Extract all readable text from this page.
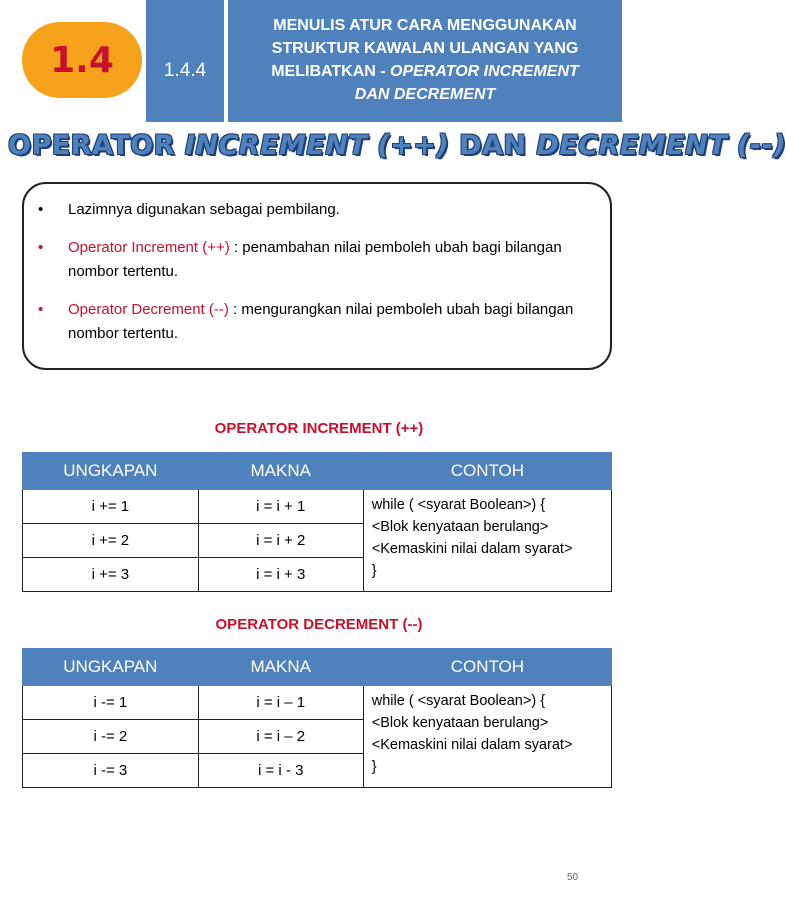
1.4	1.4.4
MENULIS ATUR CARA MENGGUNAKAN
STRUKTUR KAWALAN ULANGAN YANG
MELIBATKAN - OPERATOR INCREMENT
DAN DECREMENT
OPERATOR INCREMENT (++) DAN DECREMENT (--)
•	Lazimnya digunakan sebagai pembilang.
•	Operator Increment (++) : penambahan nilai pemboleh ubah bagi bilangan nombor tertentu.
•	Operator Decrement (--) : mengurangkan nilai pemboleh ubah bagi bilangan nombor tertentu.
OPERATOR INCREMENT (++)
UNGKAPAN	MAKNA	CONTOH
i += 1	i = i + 1	while ( <syarat Boolean>) {
<Blok kenyataan berulang>
<Kemaskini nilai dalam syarat>
}

i += 2	i = i + 2	
i += 3	i = i + 3	
OPERATOR DECREMENT (--)
UNGKAPAN	MAKNA	CONTOH
i -= 1	i = i – 1	while ( <syarat Boolean>) {
<Blok kenyataan berulang>
<Kemaskini nilai dalam syarat>
}

i -= 2	i = i – 2	
i -= 3	i = i - 3	
50
